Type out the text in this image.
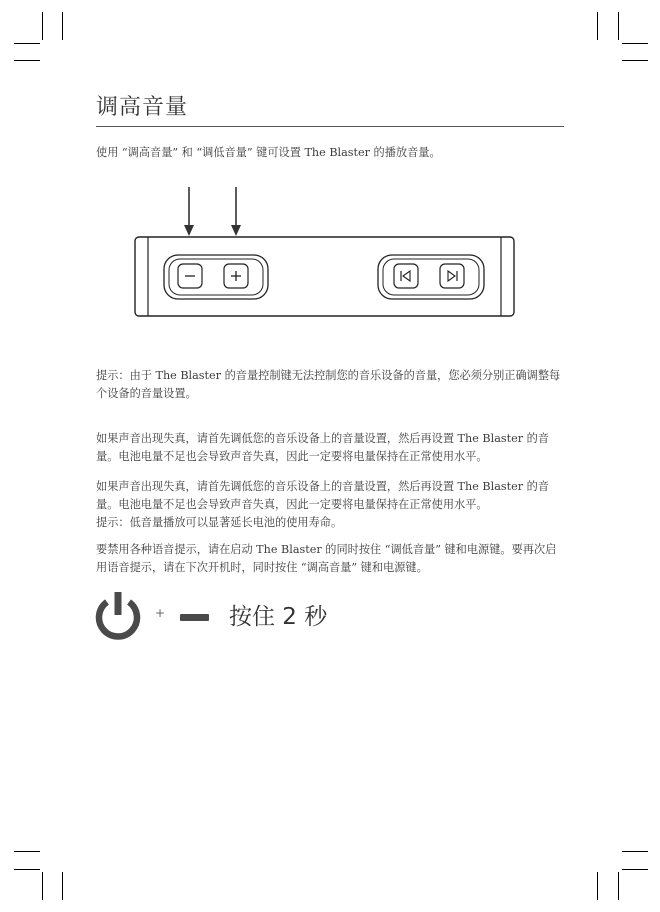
调高音量
使用 “调高音量” 和 “调低音量” 键可设置 The Blaster 的播放音量。
提示：由于 The Blaster 的音量控制键无法控制您的音乐设备的音量，您必须分别正确调整每个设备的音量设置。
如果声音出现失真，请首先调低您的音乐设备上的音量设置，然后再设置 The Blaster 的音量。电池电量不足也会导致声音失真，因此一定要将电量保持在正常使用水平。
如果声音出现失真，请首先调低您的音乐设备上的音量设置，然后再设置 The Blaster 的音量。电池电量不足也会导致声音失真，因此一定要将电量保持在正常使用水平。
提示：低音量播放可以显著延长电池的使用寿命。
要禁用各种语音提示，请在启动 The Blaster 的同时按住 “调低音量” 键和电源键。要再次启用语音提示，请在下次开机时，同时按住 “调高音量” 键和电源键。
+	按住 2 秒
